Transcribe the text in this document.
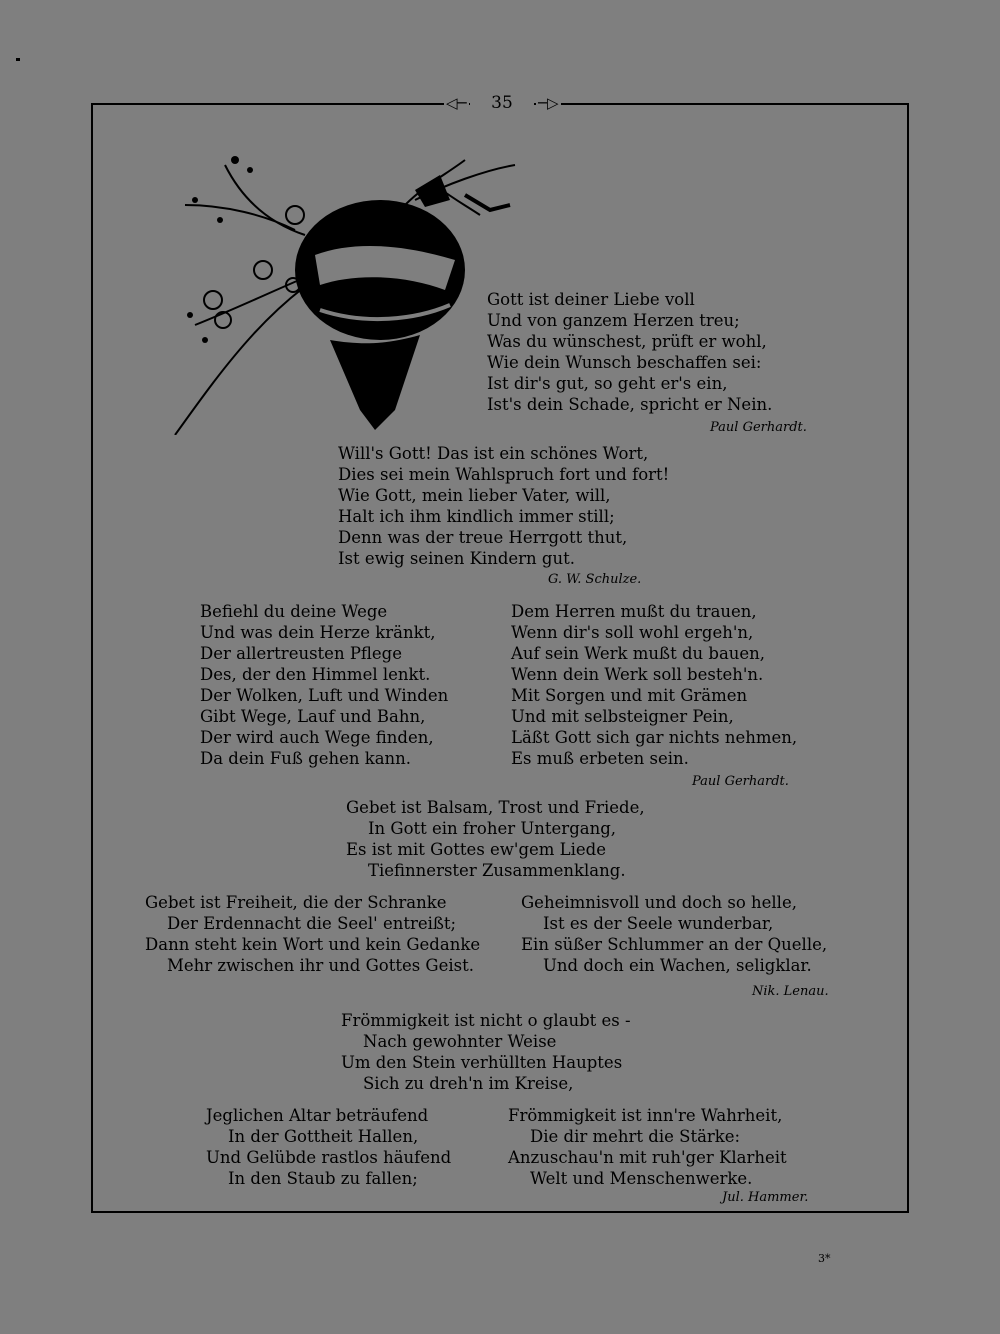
◁─	35	─▷
Gott ist deiner Liebe voll
Und von ganzem Herzen treu;
Was du wünschest, prüft er wohl,
Wie dein Wunsch beschaffen sei:
Ist dir's gut, so geht er's ein,
Ist's dein Schade, spricht er Nein.
Paul Gerhardt.
Will's Gott! Das ist ein schönes Wort,
Dies sei mein Wahlspruch fort und fort!
Wie Gott, mein lieber Vater, will,
Halt ich ihm kindlich immer still;
Denn was der treue Herrgott thut,
Ist ewig seinen Kindern gut.
G. W. Schulze.
Befiehl du deine Wege
Und was dein Herze kränkt,
Der allertreusten Pflege
Des, der den Himmel lenkt.
Der Wolken, Luft und Winden
Gibt Wege, Lauf und Bahn,
Der wird auch Wege finden,
Da dein Fuß gehen kann.
Dem Herren mußt du trauen,
Wenn dir's soll wohl ergeh'n,
Auf sein Werk mußt du bauen,
Wenn dein Werk soll besteh'n.
Mit Sorgen und mit Grämen
Und mit selbsteigner Pein,
Läßt Gott sich gar nichts nehmen,
Es muß erbeten sein.
Paul Gerhardt.
Gebet ist Balsam, Trost und Friede,
In Gott ein froher Untergang,
Es ist mit Gottes ew'gem Liede
Tiefinnerster Zusammenklang.
Gebet ist Freiheit, die der Schranke
Der Erdennacht die Seel' entreißt;
Dann steht kein Wort und kein Gedanke
Mehr zwischen ihr und Gottes Geist.
Geheimnisvoll und doch so helle,
Ist es der Seele wunderbar,
Ein süßer Schlummer an der Quelle,
Und doch ein Wachen, seligklar.
Nik. Lenau.
Frömmigkeit ist nicht o glaubt es -
Nach gewohnter Weise
Um den Stein verhüllten Hauptes
Sich zu dreh'n im Kreise,
Jeglichen Altar beträufend
In der Gottheit Hallen,
Und Gelübde rastlos häufend
In den Staub zu fallen;
Frömmigkeit ist inn're Wahrheit,
Die dir mehrt die Stärke:
Anzuschau'n mit ruh'ger Klarheit
Welt und Menschenwerke.
Jul. Hammer.
3*
